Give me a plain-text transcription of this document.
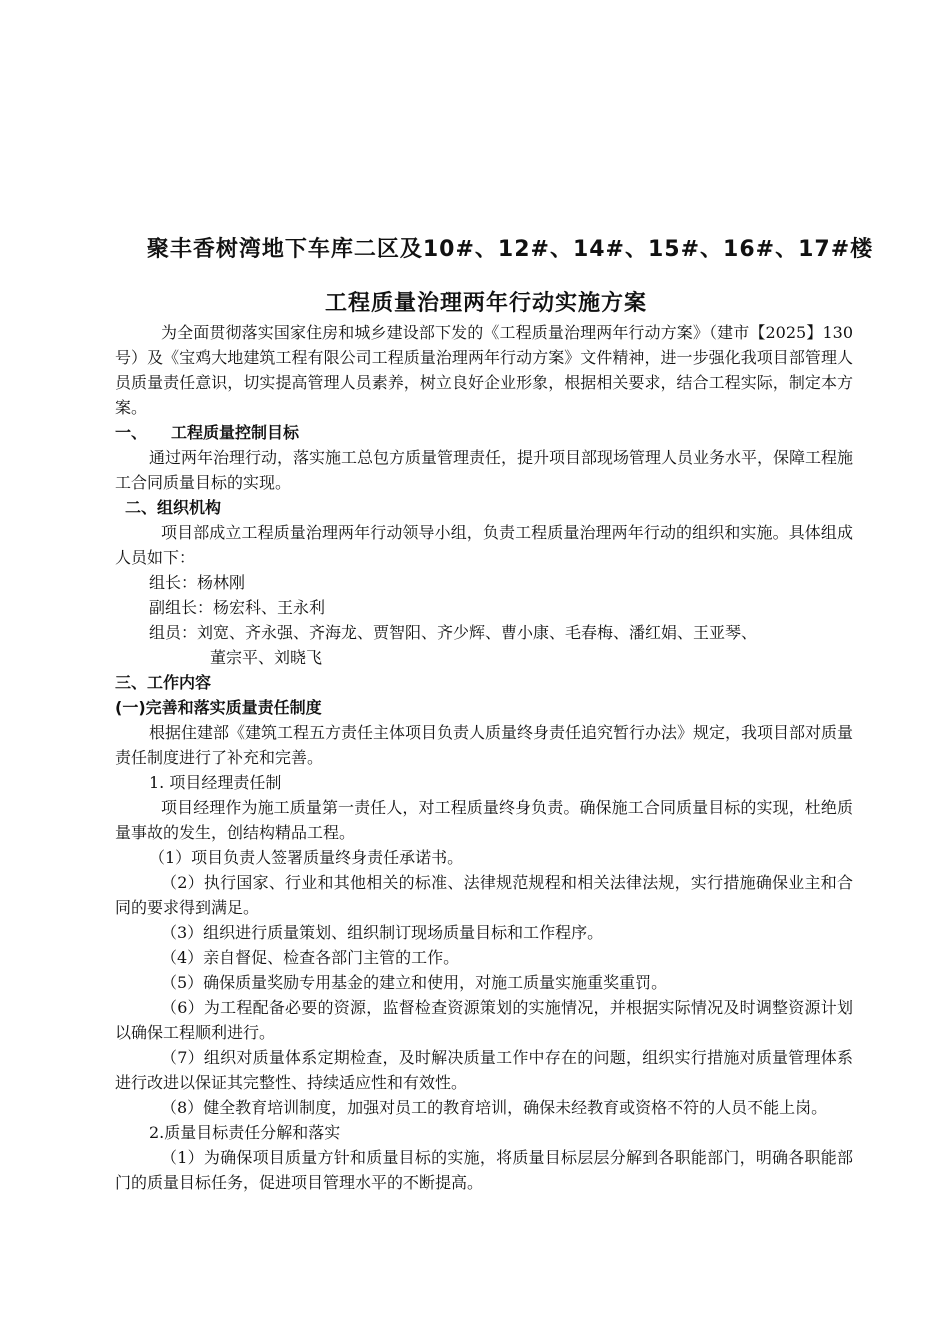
聚丰香树湾地下车库二区及10#、12#、14#、15#、16#、17#楼
工程质量治理两年行动实施方案

为全面贯彻落实国家住房和城乡建设部下发的《工程质量治理两年行动方案》（建市【2025】130号）及《宝鸡大地建筑工程有限公司工程质量治理两年行动方案》文件精神，进一步强化我项目部管理人员质量责任意识，切实提高管理人员素养，树立良好企业形象，根据相关要求，结合工程实际，制定本方案。

一、 工程质量控制目标

通过两年治理行动，落实施工总包方质量管理责任，提升项目部现场管理人员业务水平，保障工程施工合同质量目标的实现。

二、组织机构

项目部成立工程质量治理两年行动领导小组，负责工程质量治理两年行动的组织和实施。具体组成人员如下：

组长：杨林刚

副组长：杨宏科、王永利

组员：刘宽、齐永强、齐海龙、贾智阳、齐少辉、曹小康、毛春梅、潘红娟、王亚琴、

董宗平、刘晓飞

三、工作内容

(一)完善和落实质量责任制度

根据住建部《建筑工程五方责任主体项目负责人质量终身责任追究暂行办法》规定，我项目部对质量责任制度进行了补充和完善。

1. 项目经理责任制

项目经理作为施工质量第一责任人，对工程质量终身负责。确保施工合同质量目标的实现，杜绝质量事故的发生，创结构精品工程。

（1）项目负责人签署质量终身责任承诺书。

（2）执行国家、行业和其他相关的标准、法律规范规程和相关法律法规，实行措施确保业主和合同的要求得到满足。

（3）组织进行质量策划、组织制订现场质量目标和工作程序。

（4）亲自督促、检查各部门主管的工作。

（5）确保质量奖励专用基金的建立和使用，对施工质量实施重奖重罚。

（6）为工程配备必要的资源，监督检查资源策划的实施情况，并根据实际情况及时调整资源计划以确保工程顺利进行。

（7）组织对质量体系定期检查，及时解决质量工作中存在的问题，组织实行措施对质量管理体系进行改进以保证其完整性、持续适应性和有效性。

（8）健全教育培训制度，加强对员工的教育培训，确保未经教育或资格不符的人员不能上岗。

2.质量目标责任分解和落实

（1）为确保项目质量方针和质量目标的实施，将质量目标层层分解到各职能部门，明确各职能部门的质量目标任务，促进项目管理水平的不断提高。
